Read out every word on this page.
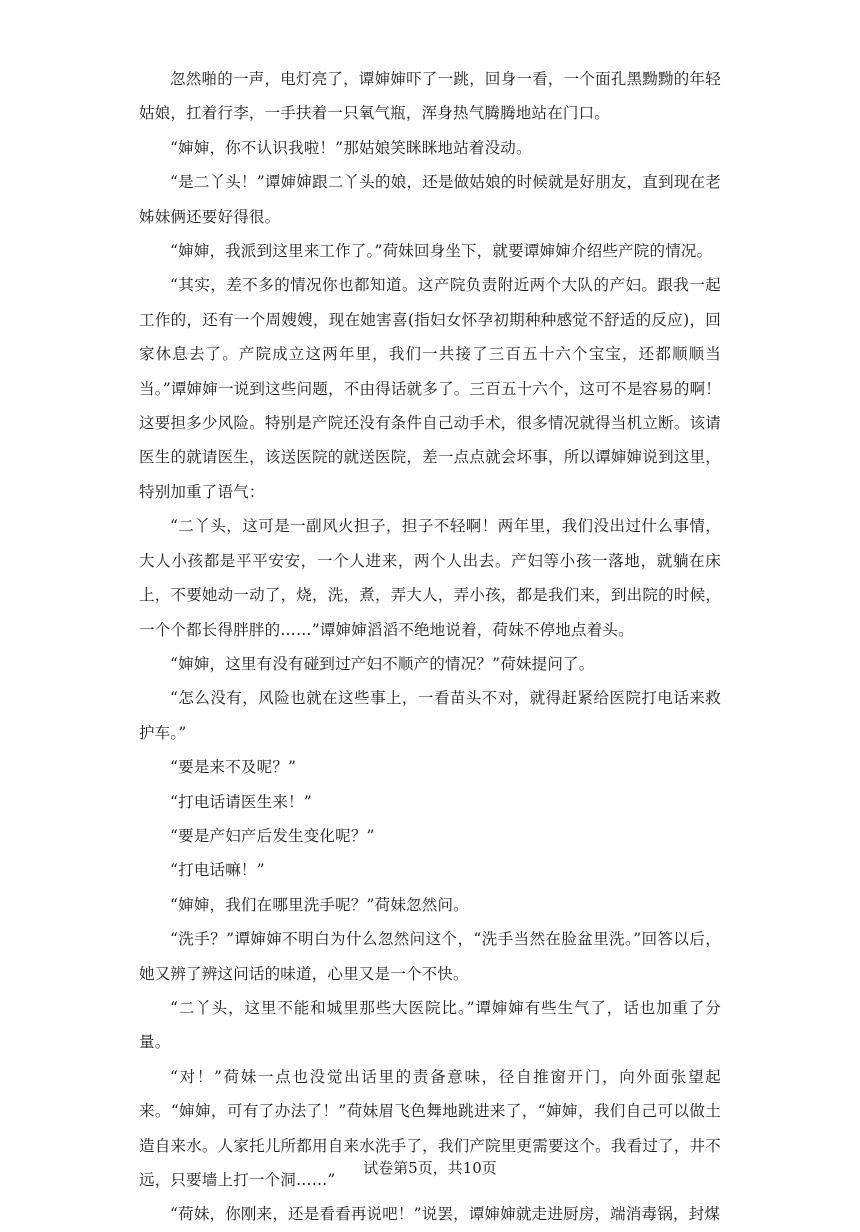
忽然啪的一声，电灯亮了，谭婶婶吓了一跳，回身一看，一个面孔黑黝黝的年轻姑娘，扛着行李，一手扶着一只氧气瓶，浑身热气腾腾地站在门口。

“婶婶，你不认识我啦！”那姑娘笑眯眯地站着没动。

“是二丫头！”谭婶婶跟二丫头的娘，还是做姑娘的时候就是好朋友，直到现在老姊妹俩还要好得很。

“婶婶，我派到这里来工作了。”荷妹回身坐下，就要谭婶婶介绍些产院的情况。

“其实，差不多的情况你也都知道。这产院负责附近两个大队的产妇。跟我一起工作的，还有一个周嫂嫂，现在她害喜(指妇女怀孕初期种种感觉不舒适的反应)，回家休息去了。产院成立这两年里，我们一共接了三百五十六个宝宝，还都顺顺当当。”谭婶婶一说到这些问题，不由得话就多了。三百五十六个，这可不是容易的啊！这要担多少风险。特别是产院还没有条件自己动手术，很多情况就得当机立断。该请医生的就请医生，该送医院的就送医院，差一点点就会坏事，所以谭婶婶说到这里，特别加重了语气：

“二丫头，这可是一副风火担子，担子不轻啊！两年里，我们没出过什么事情，大人小孩都是平平安安，一个人进来，两个人出去。产妇等小孩一落地，就躺在床上，不要她动一动了，烧，洗，煮，弄大人，弄小孩，都是我们来，到出院的时候，一个个都长得胖胖的……”谭婶婶滔滔不绝地说着，荷妹不停地点着头。

“婶婶，这里有没有碰到过产妇不顺产的情况？”荷妹提问了。

“怎么没有，风险也就在这些事上，一看苗头不对，就得赶紧给医院打电话来救护车。”

“要是来不及呢？”

“打电话请医生来！”

“要是产妇产后发生变化呢？”

“打电话嘛！”

“婶婶，我们在哪里洗手呢？”荷妹忽然问。

“洗手？”谭婶婶不明白为什么忽然问这个，“洗手当然在脸盆里洗。”回答以后，她又辨了辨这问话的味道，心里又是一个不快。

“二丫头，这里不能和城里那些大医院比。”谭婶婶有些生气了，话也加重了分量。

“对！”荷妹一点也没觉出话里的责备意味，径自推窗开门，向外面张望起来。“婶婶，可有了办法了！”荷妹眉飞色舞地跳进来了，“婶婶，我们自己可以做土造自来水。人家托儿所都用自来水洗手了，我们产院里更需要这个。我看过了，井不远，只要墙上打一个洞……”

“荷妹，你刚来，还是看看再说吧！”说罢，谭婶婶就走进厨房，端消毒锅，封煤

试卷第5页，共10页
